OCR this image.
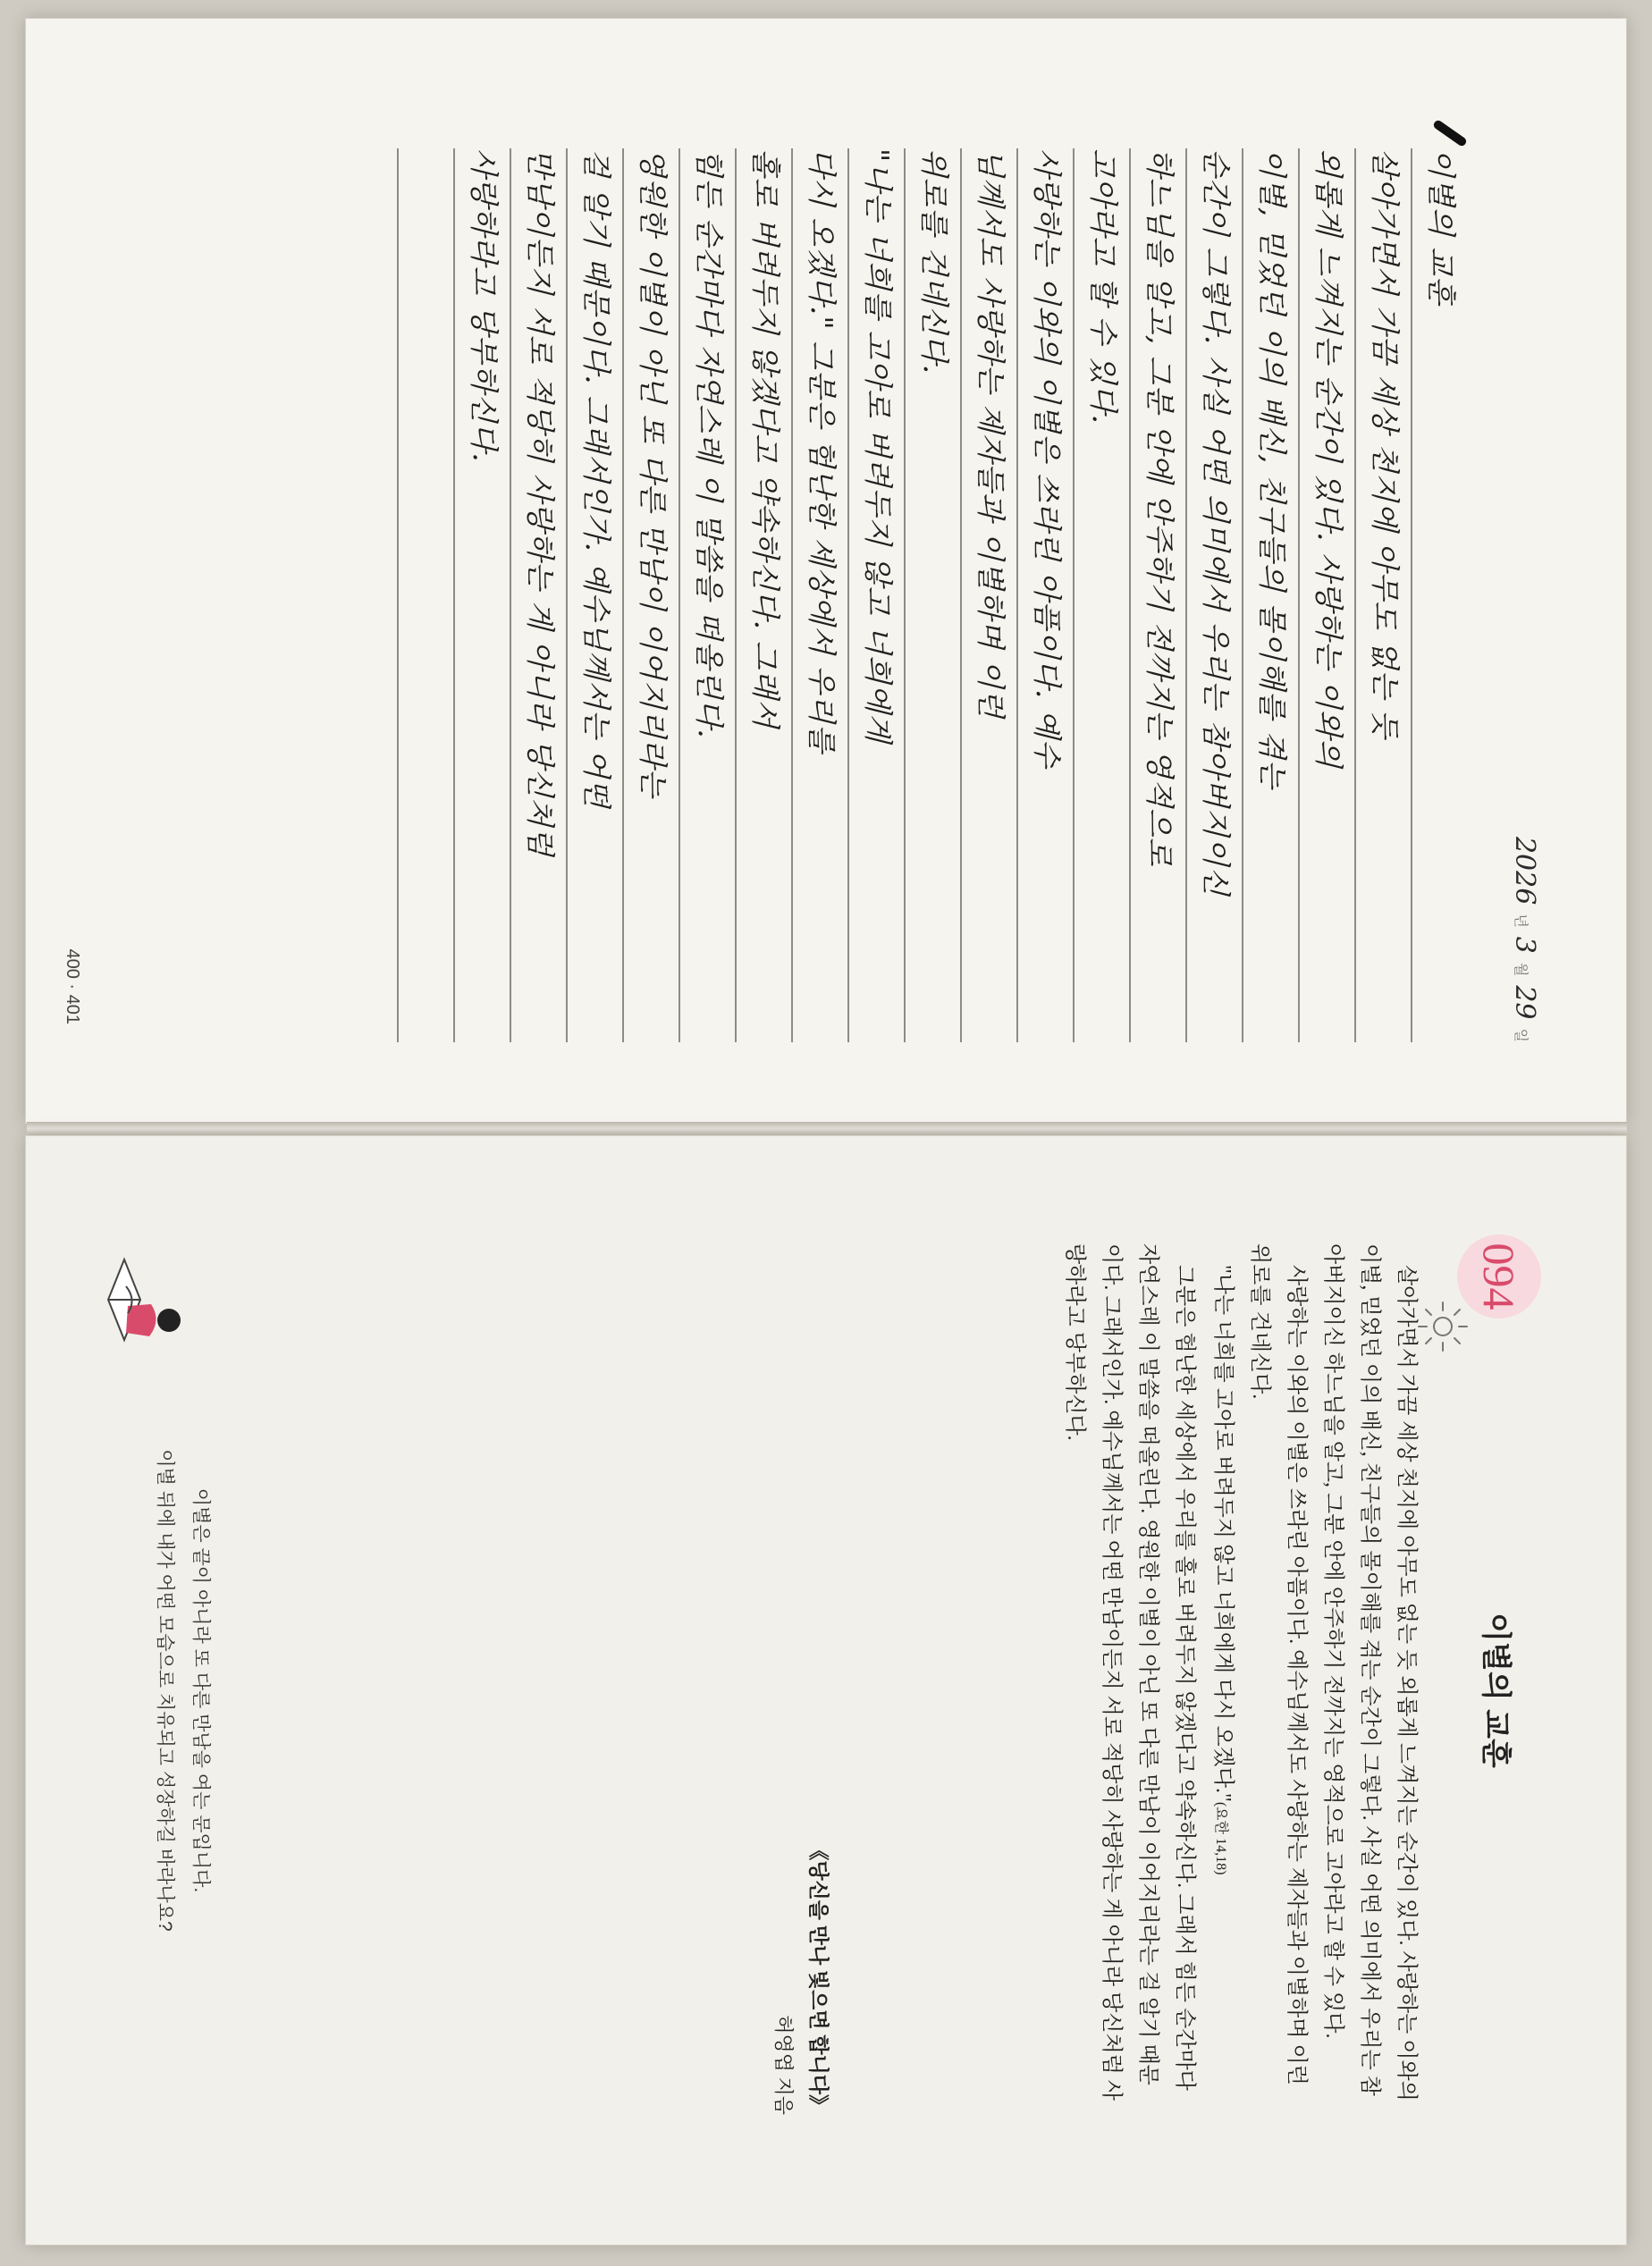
2026
년
3
월
29
일
이별의 교훈
살아가면서 가끔 세상 천지에 아무도 없는 듯
외롭게 느껴지는 순간이 있다. 사랑하는 이와의
이별, 믿었던 이의 배신, 친구들의 몰이해를 겪는
순간이 그렇다. 사실 어떤 의미에서 우리는 참아버지이신
하느님을 알고, 그분 안에 안주하기 전까지는 영적으로
고아라고 할 수 있다.
사랑하는 이와의 이별은 쓰라린 아픔이다. 예수
님께서도 사랑하는 제자들과 이별하며 이런
위로를 건네신다.
"나는 너희를 고아로 버려두지 않고 너희에게
다시 오겠다." 그분은 험난한 세상에서 우리를
홀로 버려두지 않겠다고 약속하신다. 그래서
힘든 순간마다 자연스레 이 말씀을 떠올린다.
영원한 이별이 아닌 또 다른 만남이 이어지리라는
걸 알기 때문이다. 그래서인가. 예수님께서는 어떤
만남이든지 서로 적당히 사랑하는 게 아니라 당신처럼
사랑하라고 당부하신다.
400 · 401
094
이별의 교훈

살아가면서 가끔 세상 천지에 아무도 없는 듯 외롭게 느껴지는 순간이 있다. 사랑하는 이와의 이별, 믿었던 이의 배신, 친구들의 몰이해를 겪는 순간이 그렇다. 사실 어떤 의미에서 우리는 참아버지이신 하느님을 알고, 그분 안에 안주하기 전까지는 영적으로 고아라고 할 수 있다.

사랑하는 이와의 이별은 쓰라린 아픔이다. 예수님께서도 사랑하는 제자들과 이별하며 이런 위로를 건네신다.

"나는 너희를 고아로 버려두지 않고 너희에게 다시 오겠다."(요한 14,18)

그분은 험난한 세상에서 우리를 홀로 버려두지 않겠다고 약속하신다. 그래서 힘든 순간마다 자연스레 이 말씀을 떠올린다. 영원한 이별이 아닌 또 다른 만남이 이어지리라는 걸 알기 때문이다. 그래서인가. 예수님께서는 어떤 만남이든지 서로 적당히 사랑하는 게 아니라 당신처럼 사랑하라고 당부하신다.

《당신을 만나 빛으면 합니다》
허영엽 지음
이별은 끝이 아니라 또 다른 만남을 여는 문입니다.
이별 뒤에 내가 어떤 모습으로 치유되고 성장하길 바라나요?
